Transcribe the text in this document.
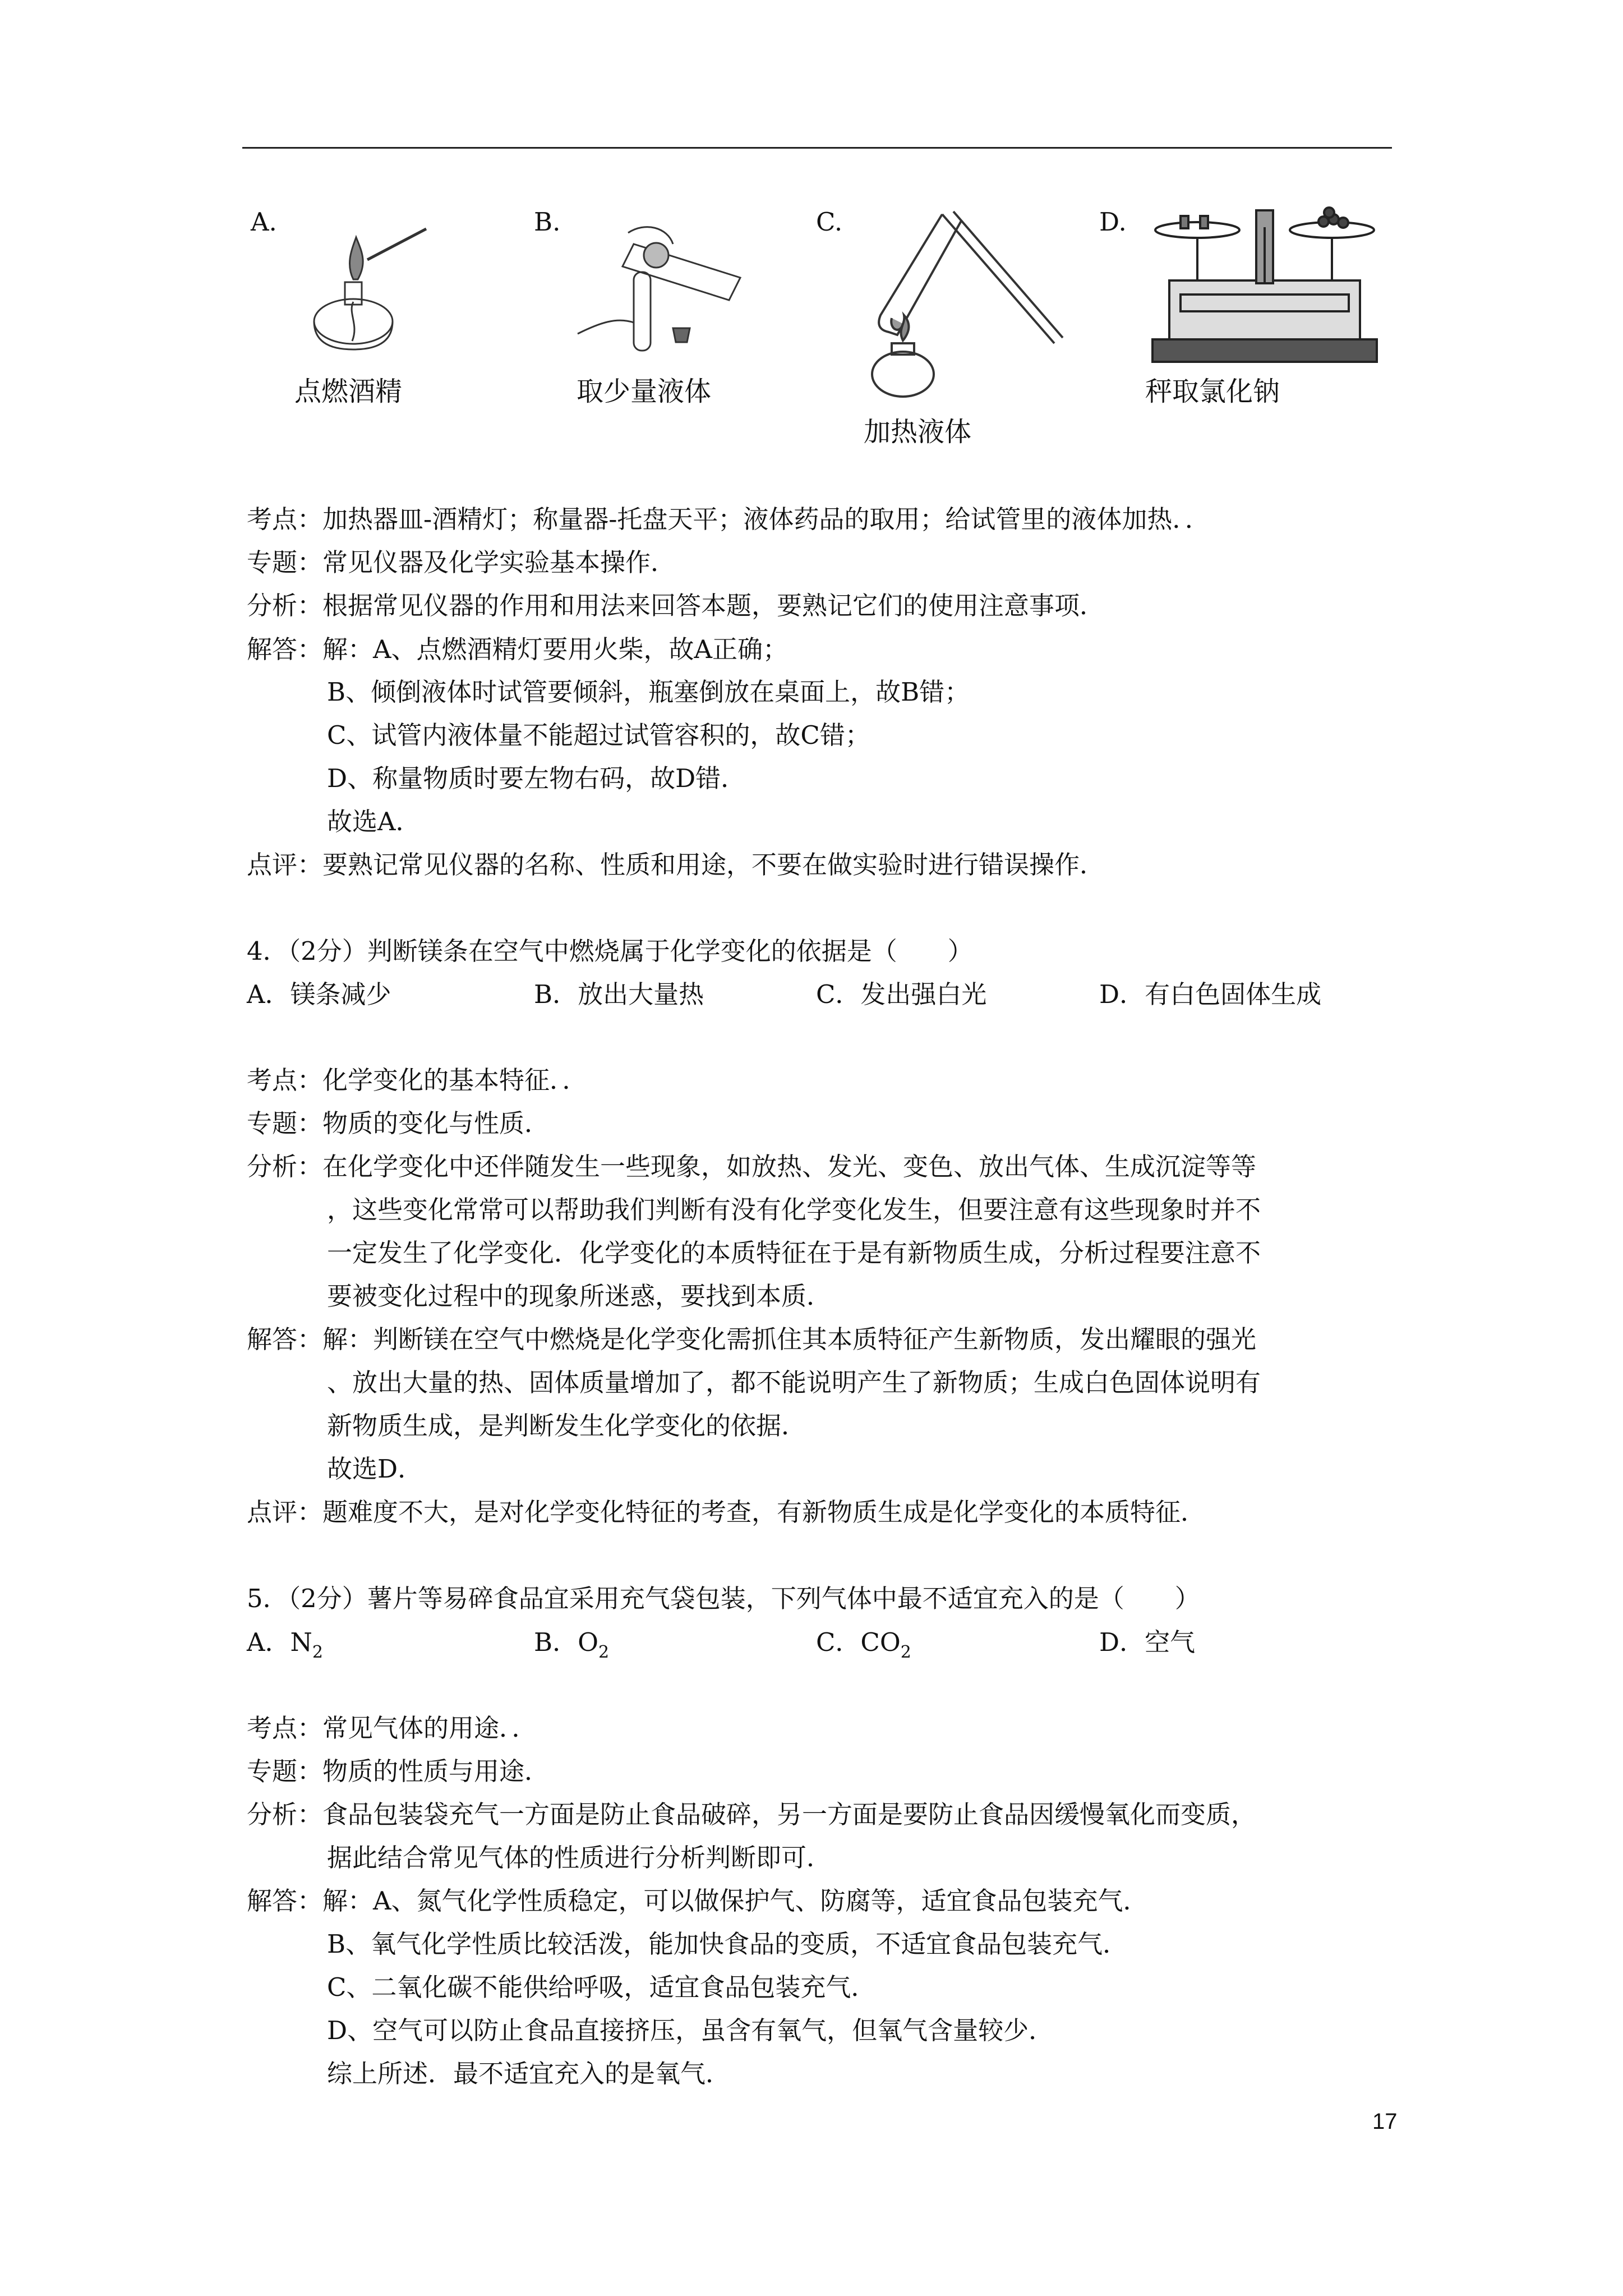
A.
点燃酒精
B.
取少量液体
C.
加热液体
D.
秤取氯化钠
考点：加热器皿-酒精灯；称量器-托盘天平；液体药品的取用；给试管里的液体加热．．
专题：常见仪器及化学实验基本操作．
分析：根据常见仪器的作用和用法来回答本题，要熟记它们的使用注意事项．
解答：解：A、点燃酒精灯要用火柴，故A正确；
B、倾倒液体时试管要倾斜，瓶塞倒放在桌面上，故B错；
C、试管内液体量不能超过试管容积的，故C错；
D、称量物质时要左物右码，故D错．
故选A．
点评：要熟记常见仪器的名称、性质和用途，不要在做实验时进行错误操作．
4．（2分）判断镁条在空气中燃烧属于化学变化的依据是（　　）
A．镁条减少	B．放出大量热	C．发出强白光	D．有白色固体生成
考点：化学变化的基本特征．．
专题：物质的变化与性质．
分析：在化学变化中还伴随发生一些现象，如放热、发光、变色、放出气体、生成沉淀等等
，这些变化常常可以帮助我们判断有没有化学变化发生，但要注意有这些现象时并不
一定发生了化学变化．化学变化的本质特征在于是有新物质生成，分析过程要注意不
要被变化过程中的现象所迷惑，要找到本质．
解答：解：判断镁在空气中燃烧是化学变化需抓住其本质特征产生新物质，发出耀眼的强光
、放出大量的热、固体质量增加了，都不能说明产生了新物质；生成白色固体说明有
新物质生成，是判断发生化学变化的依据．
故选D．
点评：题难度不大，是对化学变化特征的考查，有新物质生成是化学变化的本质特征．
5．（2分）薯片等易碎食品宜采用充气袋包装，下列气体中最不适宜充入的是（　　）
A．$N_2$	B．$O_2$	C．$CO_2$	D．空气
考点：常见气体的用途．．
专题：物质的性质与用途．
分析：食品包装袋充气一方面是防止食品破碎，另一方面是要防止食品因缓慢氧化而变质，
据此结合常见气体的性质进行分析判断即可．
解答：解：A、氮气化学性质稳定，可以做保护气、防腐等，适宜食品包装充气．
B、氧气化学性质比较活泼，能加快食品的变质，不适宜食品包装充气．
C、二氧化碳不能供给呼吸，适宜食品包装充气．
D、空气可以防止食品直接挤压，虽含有氧气，但氧气含量较少．
综上所述．最不适宜充入的是氧气．
17
